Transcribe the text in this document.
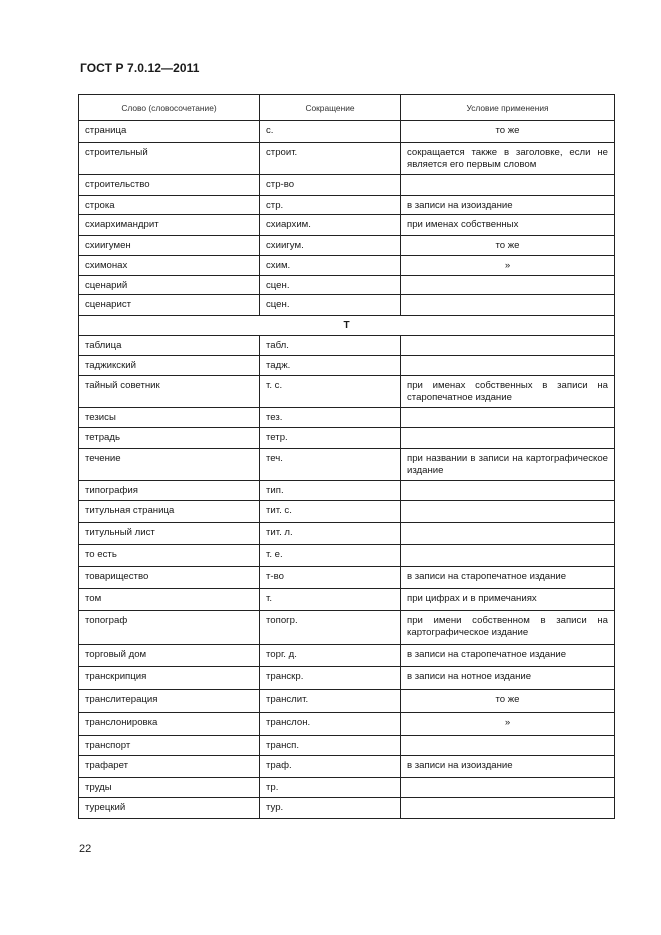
ГОСТ Р 7.0.12—2011
Слово (словосочетание)	Сокращение	Условие применения
страница	с.	то же
строительный	строит.	сокращается также в заголовке, если не является его первым словом
строительство	стр-во	
строка	стр.	в записи на изоиздание
схиархимандрит	схиархим.	при именах собственных
схиигумен	схиигум.	то же
схимонах	схим.	»
сценарий	сцен.	
сценарист	сцен.	
Т		
таблица	табл.	
таджикский	тадж.	
тайный советник	т. с.	при именах собственных в записи на старопечатное издание
тезисы	тез.	
тетрадь	тетр.	
течение	теч.	при названии в записи на картографическое издание
типография	тип.	
титульная страница	тит. с.	
титульный лист	тит. л.	
то есть	т. е.	
товарищество	т-во	в записи на старопечатное издание
том	т.	при цифрах и в примечаниях
топограф	топогр.	при имени собственном в записи на картографическое издание
торговый дом	торг. д.	в записи на старопечатное издание
транскрипция	транскр.	в записи на нотное издание
транслитерация	транслит.	то же
транслонировка	транслон.	»
транспорт	трансп.	
трафарет	траф.	в записи на изоиздание
труды	тр.	
турецкий	тур.	
22
